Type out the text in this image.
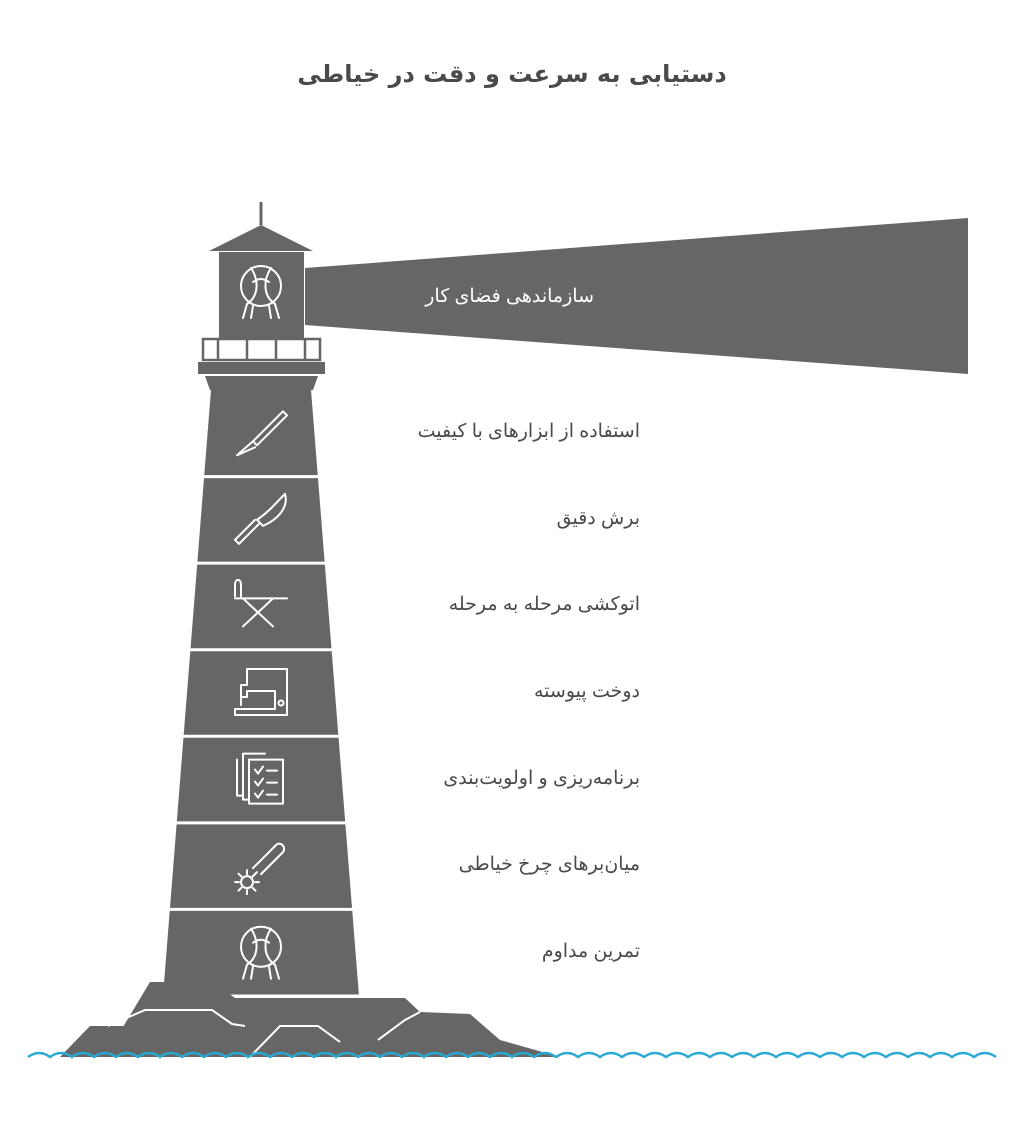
دستیابی به سرعت و دقت در خیاطی
سازماندهی فضای کار
استفاده از ابزارهای با کیفیت
برش دقیق
اتوکشی مرحله به مرحله
دوخت پیوسته
برنامه‌ریزی و اولویت‌بندی
میان‌برهای چرخ خیاطی
تمرین مداوم
